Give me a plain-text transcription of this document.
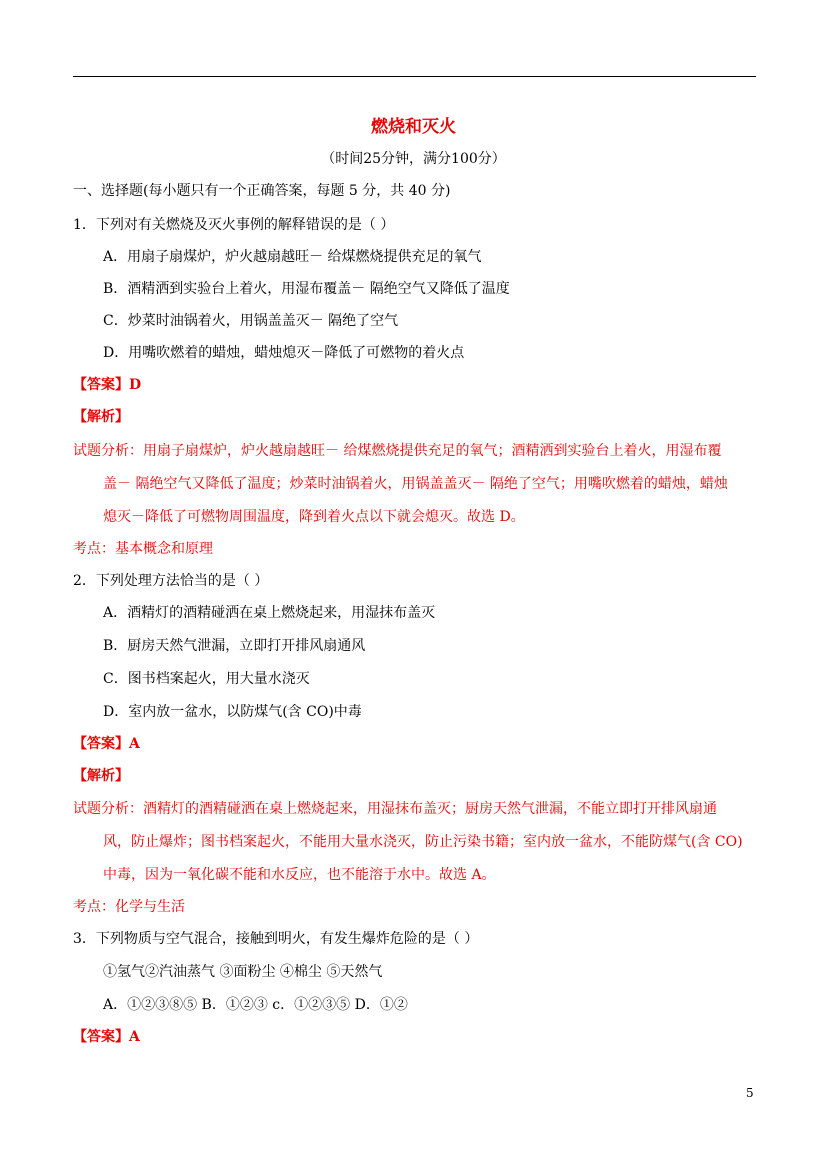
燃烧和灭火
（时间25分钟，满分100分）
一、选择题(每小题只有一个正确答案，每题 5 分，共 40 分)
1．下列对有关燃烧及灭火事例的解释错误的是（ ）
A．用扇子扇煤炉，炉火越扇越旺－ 给煤燃烧提供充足的氧气
B．酒精洒到实验台上着火，用湿布覆盖－ 隔绝空气又降低了温度
C．炒菜时油锅着火，用锅盖盖灭－ 隔绝了空气
D．用嘴吹燃着的蜡烛，蜡烛熄灭－降低了可燃物的着火点
【答案】D
【解析】
试题分析：用扇子扇煤炉，炉火越扇越旺－ 给煤燃烧提供充足的氧气；酒精洒到实验台上着火，用湿布覆
盖－ 隔绝空气又降低了温度；炒菜时油锅着火，用锅盖盖灭－ 隔绝了空气；用嘴吹燃着的蜡烛，蜡烛
熄灭－降低了可燃物周围温度，降到着火点以下就会熄灭。故选 D。
考点：基本概念和原理
2．下列处理方法恰当的是（ ）
A．酒精灯的酒精碰洒在桌上燃烧起来，用湿抹布盖灭
B．厨房天然气泄漏，立即打开排风扇通风
C．图书档案起火，用大量水浇灭
D．室内放一盆水，以防煤气(含 CO)中毒
【答案】A
【解析】
试题分析：酒精灯的酒精碰洒在桌上燃烧起来，用湿抹布盖灭；厨房天然气泄漏，不能立即打开排风扇通
风，防止爆炸；图书档案起火，不能用大量水浇灭，防止污染书籍；室内放一盆水，不能防煤气(含 CO)
中毒，因为一氧化碳不能和水反应，也不能溶于水中。故选 A。
考点：化学与生活
3．下列物质与空气混合，接触到明火，有发生爆炸危险的是（ ）
①氢气②汽油蒸气 ③面粉尘 ④棉尘 ⑤天然气
A．①②③⑧⑤ B．①②③ c．①②③⑤ D．①②
【答案】A
5
